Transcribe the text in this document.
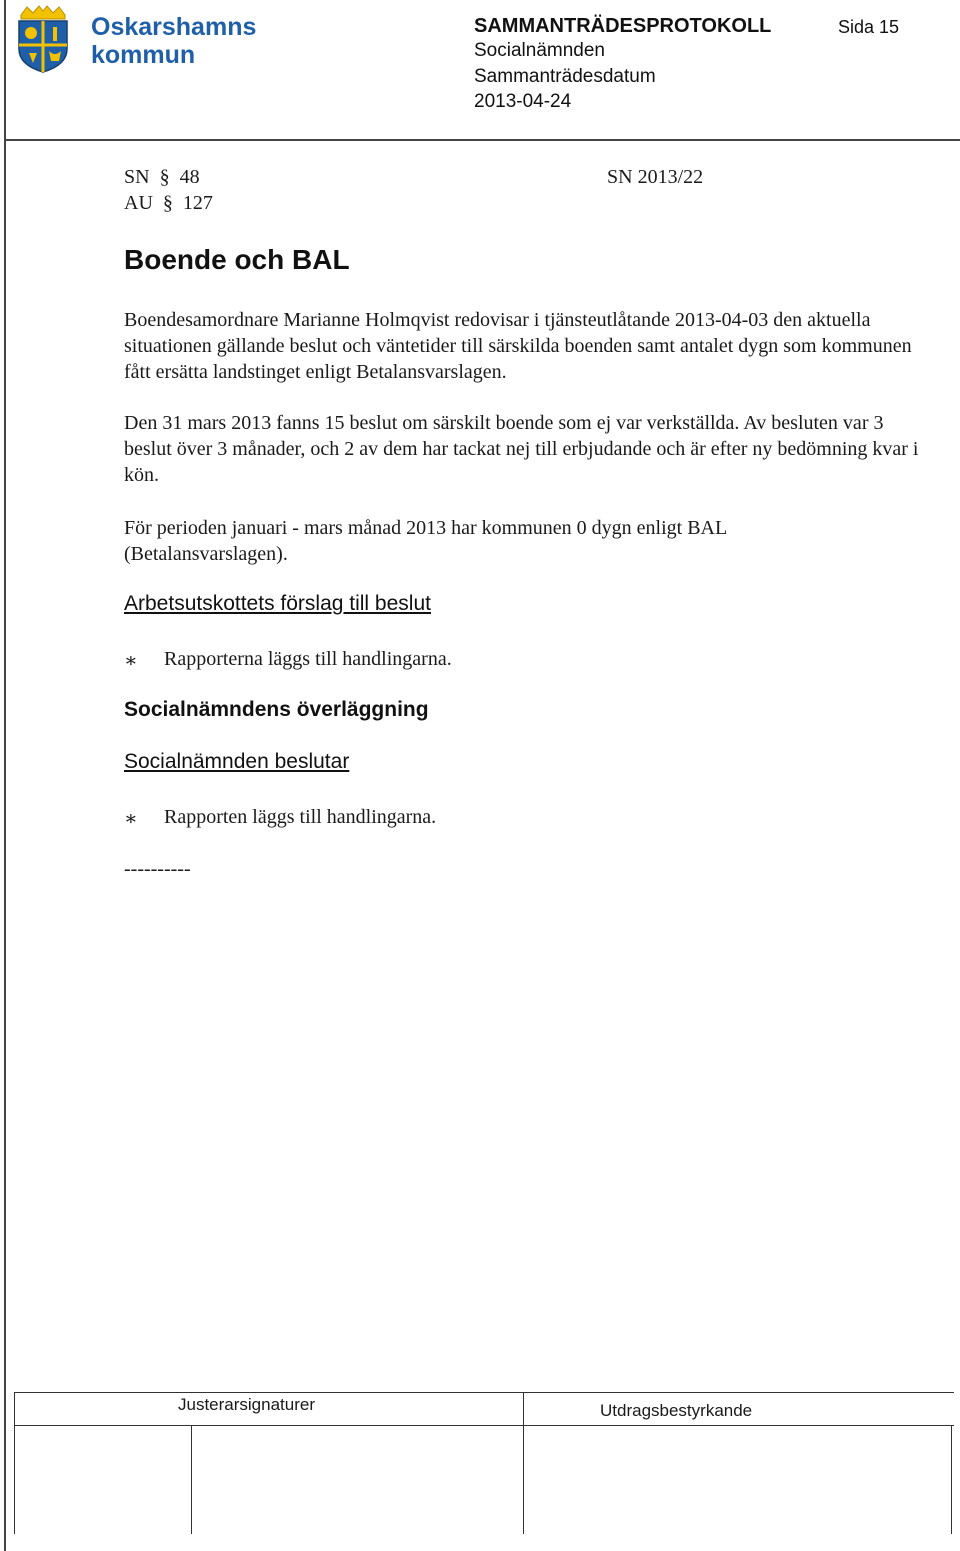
Oskarshamns
kommun
SAMMANTRÄDESPROTOKOLL	Sida 15
Socialnämnden
Sammanträdesdatum
2013-04-24
SN  §  48
AU  §  127
SN 2013/22
Boende och BAL
Boendesamordnare Marianne Holmqvist redovisar i tjänsteutlåtande 2013-04-03 den aktuella situationen gällande beslut och väntetider till särskilda boenden samt antalet dygn som kommunen fått ersätta landstinget enligt Betalansvarslagen.
Den 31 mars 2013 fanns 15 beslut om särskilt boende som ej var verkställda. Av besluten var 3 beslut över 3 månader, och 2 av dem har tackat nej till erbjudande och är efter ny bedömning kvar i kön.
För perioden januari - mars månad 2013 har kommunen 0 dygn enligt BAL (Betalansvarslagen).
Arbetsutskottets förslag till beslut
∗ Rapporterna läggs till handlingarna.
Socialnämndens överläggning
Socialnämnden beslutar
∗ Rapporten läggs till handlingarna.
----------
Justerarsignaturer	Utdragsbestyrkande
